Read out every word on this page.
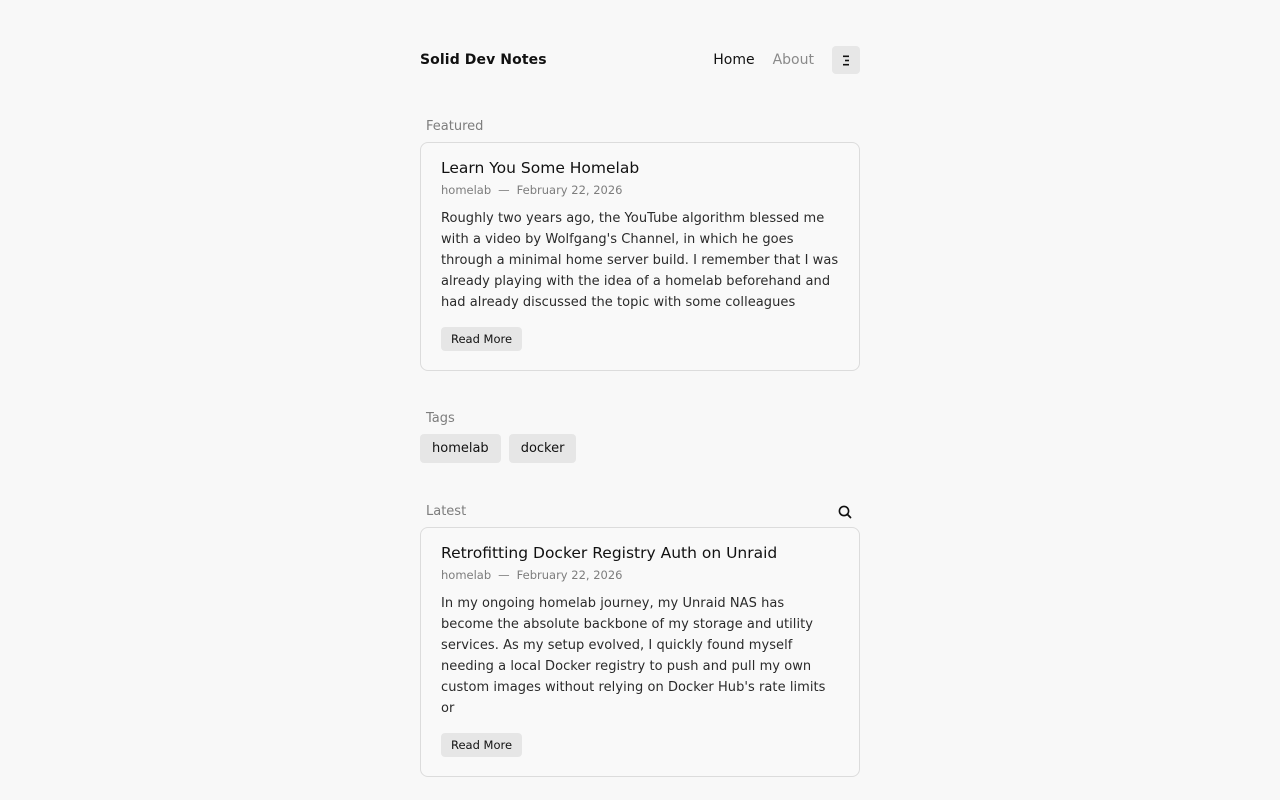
Solid Dev Notes	Home About
Featured
Learn You Some Homelab
homelab — February 22, 2026
Roughly two years ago, the YouTube algorithm blessed me with a video by Wolfgang's Channel, in which he goes through a minimal home server build. I remember that I was already playing with the idea of a homelab beforehand and had already discussed the topic with some colleagues
Read More
Tags
homelab	docker
Latest
Retrofitting Docker Registry Auth on Unraid
homelab — February 22, 2026
In my ongoing homelab journey, my Unraid NAS has become the absolute backbone of my storage and utility services. As my setup evolved, I quickly found myself needing a local Docker registry to push and pull my own custom images without relying on Docker Hub's rate limits or
Read More
